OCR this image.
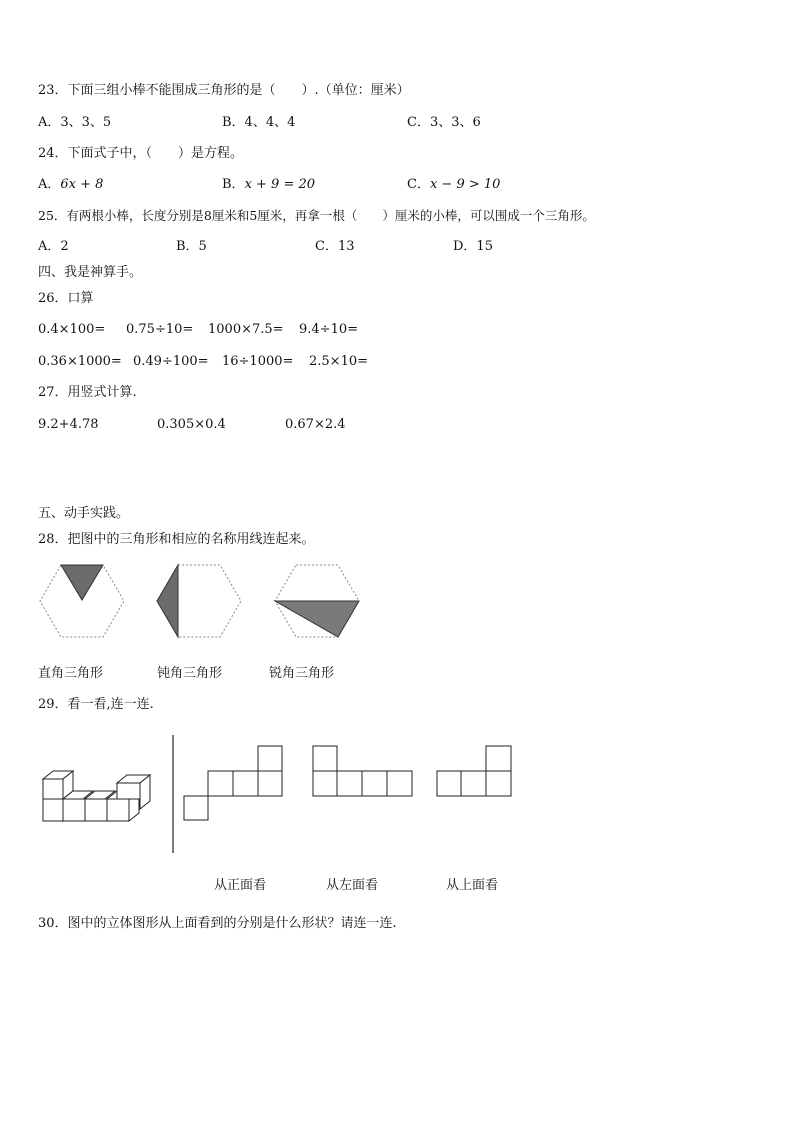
23．下面三组小棒不能围成三角形的是（　　）.（单位：厘米）
A．3、3、5	B．4、4、4	C．3、3、6
24．下面式子中，（　　）是方程。
A．6x + 8	B．x + 9 = 20	C．x − 9 > 10
25．有两根小棒，长度分别是8厘米和5厘米，再拿一根（　　）厘米的小棒，可以围成一个三角形。
A．2	B．5	C．13	D．15
四、我是神算手。
26．口算
0.4×100= 0.75÷10= 1000×7.5= 9.4÷10=
0.36×1000= 0.49÷100= 16÷1000= 2.5×10=
27．用竖式计算.
9.2+4.78	0.305×0.4	0.67×2.4
五、动手实践。
28．把图中的三角形和相应的名称用线连起来。
直角三角形	钝角三角形	锐角三角形
29．看一看,连一连.
从正面看	从左面看	从上面看
30．图中的立体图形从上面看到的分别是什么形状？请连一连.
